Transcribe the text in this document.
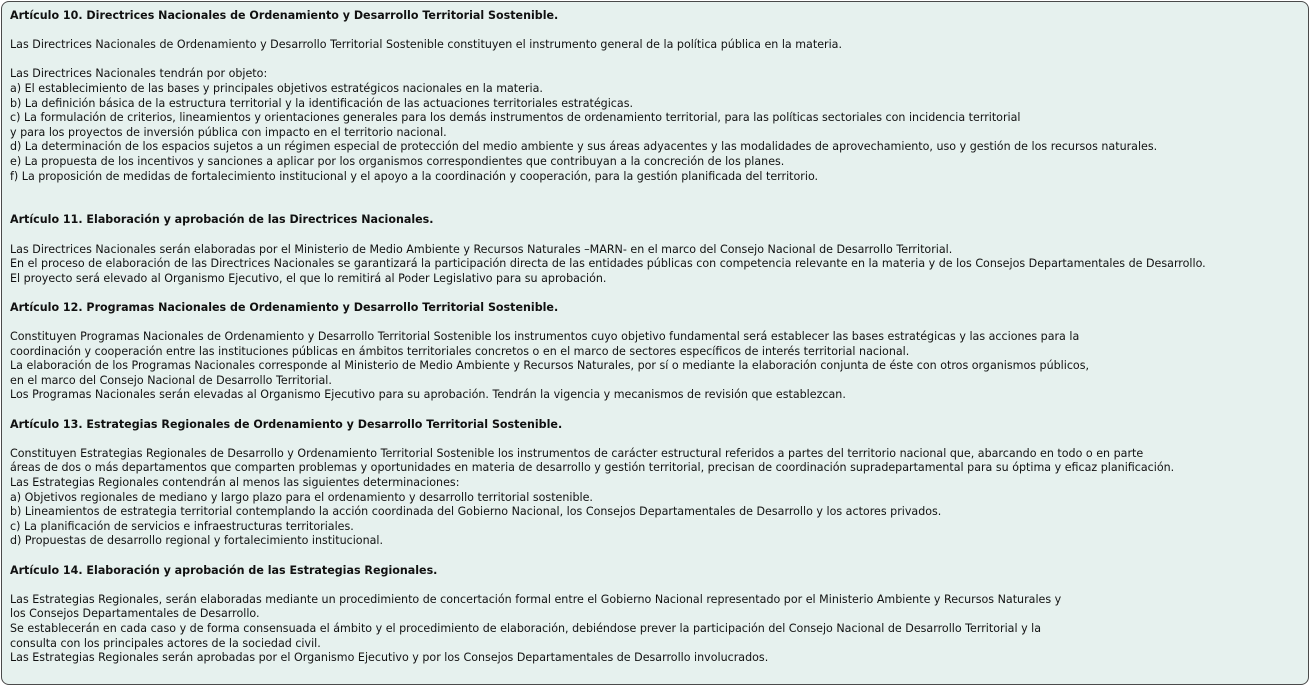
Artículo 10. Directrices Nacionales de Ordenamiento y Desarrollo Territorial Sostenible.

Las Directrices Nacionales de Ordenamiento y Desarrollo Territorial Sostenible constituyen el instrumento general de la política pública en la materia.

Las Directrices Nacionales tendrán por objeto:

a) El establecimiento de las bases y principales objetivos estratégicos nacionales en la materia.

b) La definición básica de la estructura territorial y la identificación de las actuaciones territoriales estratégicas.

c) La formulación de criterios, lineamientos y orientaciones generales para los demás instrumentos de ordenamiento territorial, para las políticas sectoriales con incidencia territorial

y para los proyectos de inversión pública con impacto en el territorio nacional.

d) La determinación de los espacios sujetos a un régimen especial de protección del medio ambiente y sus áreas adyacentes y las modalidades de aprovechamiento, uso y gestión de los recursos naturales.

e) La propuesta de los incentivos y sanciones a aplicar por los organismos correspondientes que contribuyan a la concreción de los planes.

f) La proposición de medidas de fortalecimiento institucional y el apoyo a la coordinación y cooperación, para la gestión planificada del territorio.

Artículo 11. Elaboración y aprobación de las Directrices Nacionales.

Las Directrices Nacionales serán elaboradas por el Ministerio de Medio Ambiente y Recursos Naturales –MARN- en el marco del Consejo Nacional de Desarrollo Territorial.

En el proceso de elaboración de las Directrices Nacionales se garantizará la participación directa de las entidades públicas con competencia relevante en la materia y de los Consejos Departamentales de Desarrollo.

El proyecto será elevado al Organismo Ejecutivo, el que lo remitirá al Poder Legislativo para su aprobación.

Artículo 12. Programas Nacionales de Ordenamiento y Desarrollo Territorial Sostenible.

Constituyen Programas Nacionales de Ordenamiento y Desarrollo Territorial Sostenible los instrumentos cuyo objetivo fundamental será establecer las bases estratégicas y las acciones para la

coordinación y cooperación entre las instituciones públicas en ámbitos territoriales concretos o en el marco de sectores específicos de interés territorial nacional.

La elaboración de los Programas Nacionales corresponde al Ministerio de Medio Ambiente y Recursos Naturales, por sí o mediante la elaboración conjunta de éste con otros organismos públicos,

en el marco del Consejo Nacional de Desarrollo Territorial.

Los Programas Nacionales serán elevadas al Organismo Ejecutivo para su aprobación. Tendrán la vigencia y mecanismos de revisión que establezcan.

Artículo 13. Estrategias Regionales de Ordenamiento y Desarrollo Territorial Sostenible.

Constituyen Estrategias Regionales de Desarrollo y Ordenamiento Territorial Sostenible los instrumentos de carácter estructural referidos a partes del territorio nacional que, abarcando en todo o en parte

áreas de dos o más departamentos que comparten problemas y oportunidades en materia de desarrollo y gestión territorial, precisan de coordinación supradepartamental para su óptima y eficaz planificación.

Las Estrategias Regionales contendrán al menos las siguientes determinaciones:

a) Objetivos regionales de mediano y largo plazo para el ordenamiento y desarrollo territorial sostenible.

b) Lineamientos de estrategia territorial contemplando la acción coordinada del Gobierno Nacional, los Consejos Departamentales de Desarrollo y los actores privados.

c) La planificación de servicios e infraestructuras territoriales.

d) Propuestas de desarrollo regional y fortalecimiento institucional.

Artículo 14. Elaboración y aprobación de las Estrategias Regionales.

Las Estrategias Regionales, serán elaboradas mediante un procedimiento de concertación formal entre el Gobierno Nacional representado por el Ministerio Ambiente y Recursos Naturales y

los Consejos Departamentales de Desarrollo.

Se establecerán en cada caso y de forma consensuada el ámbito y el procedimiento de elaboración, debiéndose prever la participación del Consejo Nacional de Desarrollo Territorial y la

consulta con los principales actores de la sociedad civil.

Las Estrategias Regionales serán aprobadas por el Organismo Ejecutivo y por los Consejos Departamentales de Desarrollo involucrados.
